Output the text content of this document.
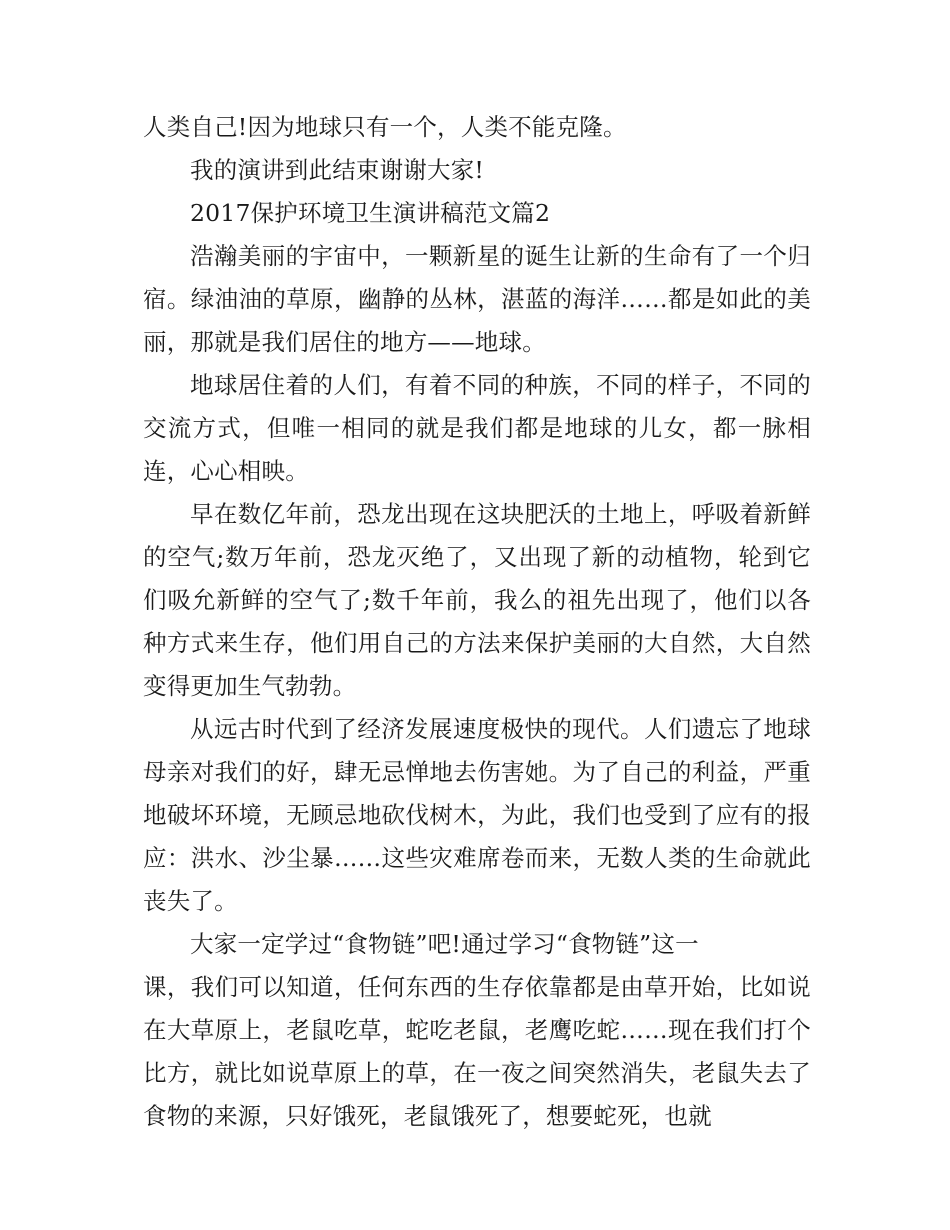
人类自己!因为地球只有一个，人类不能克隆。

我的演讲到此结束谢谢大家!

2017保护环境卫生演讲稿范文篇2

浩瀚美丽的宇宙中，一颗新星的诞生让新的生命有了一个归宿。绿油油的草原，幽静的丛林，湛蓝的海洋……都是如此的美丽，那就是我们居住的地方——地球。

地球居住着的人们，有着不同的种族，不同的样子，不同的交流方式，但唯一相同的就是我们都是地球的儿女，都一脉相连，心心相映。

早在数亿年前，恐龙出现在这块肥沃的土地上，呼吸着新鲜的空气;数万年前，恐龙灭绝了，又出现了新的动植物，轮到它们吸允新鲜的空气了;数千年前，我么的祖先出现了，他们以各种方式来生存，他们用自己的方法来保护美丽的大自然，大自然变得更加生气勃勃。

从远古时代到了经济发展速度极快的现代。人们遗忘了地球母亲对我们的好，肆无忌惮地去伤害她。为了自己的利益，严重地破坏环境，无顾忌地砍伐树木，为此，我们也受到了应有的报应：洪水、沙尘暴……这些灾难席卷而来，无数人类的生命就此丧失了。

大家一定学过“食物链”吧!通过学习“食物链”这一

课，我们可以知道，任何东西的生存依靠都是由草开始，比如说在大草原上，老鼠吃草，蛇吃老鼠，老鹰吃蛇……现在我们打个比方，就比如说草原上的草，在一夜之间突然消失，老鼠失去了食物的来源，只好饿死，老鼠饿死了，想要蛇死，也就
